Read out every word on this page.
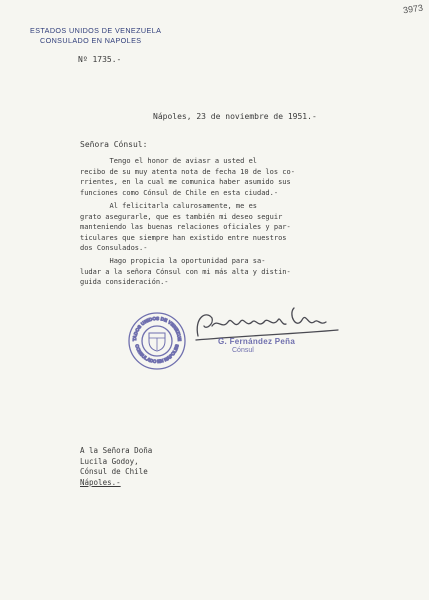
ESTADOS UNIDOS DE VENEZUELA
CONSULADO EN NAPOLES
3973
Nº 1735.-
Nápoles, 23 de noviembre de 1951.-
Señora Cónsul:
Tengo el honor de aviasr a usted el
recibo de su muy atenta nota de fecha 10 de los co-
rrientes, en la cual me comunica haber asumido sus
funciones como Cónsul de Chile en esta ciudad.-
Al felicitarla calurosamente, me es
grato asegurarle, que es también mi deseo seguir
manteniendo las buenas relaciones oficiales y par-
ticulares que siempre han existido entre nuestros
dos Consulados.-
Hago propicia la oportunidad para sa-
ludar a la señora Cónsul con mi más alta y distin-
guida consideración.-
TADOS UNIDOS DE VENEZUE
CONSULADO EN NAPOLES	G. Fernández Peña
Cónsul
A la Señora Doña
Lucila Godoy,
Cónsul de Chile
Nápoles.-
